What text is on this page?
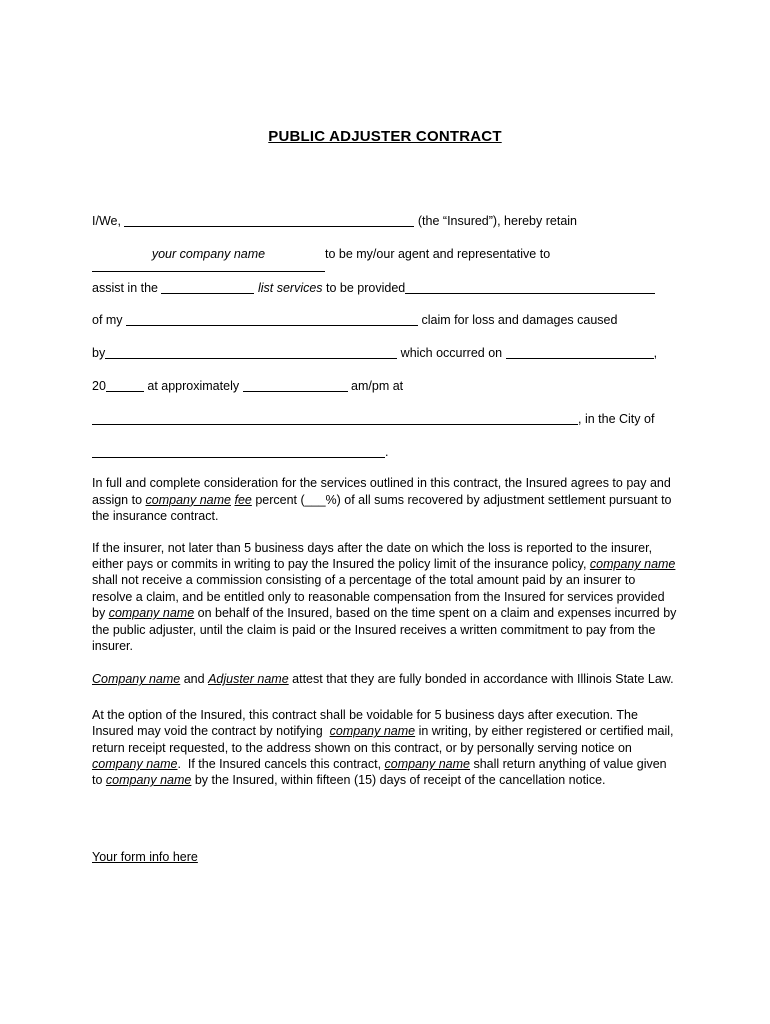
PUBLIC ADJUSTER CONTRACT
I/We,	(the “Insured”), hereby retain
your company name	to be my/our agent and representative to
assist in the	list services to be provided
of my	claim for loss and damages caused
by	which occurred on	,
20	at approximately	am/pm at
, in the City of
.

In full and complete consideration for the services outlined in this contract, the Insured agrees to pay and assign to company name fee percent (___%) of all sums recovered by adjustment settlement pursuant to the insurance contract.

If the insurer, not later than 5 business days after the date on which the loss is reported to the insurer, either pays or commits in writing to pay the Insured the policy limit of the insurance policy, company name shall not receive a commission consisting of a percentage of the total amount paid by an insurer to resolve a claim, and be entitled only to reasonable compensation from the Insured for services provided by company name on behalf of the Insured, based on the time spent on a claim and expenses incurred by the public adjuster, until the claim is paid or the Insured receives a written commitment to pay from the insurer.

Company name and Adjuster name attest that they are fully bonded in accordance with Illinois State Law.

At the option of the Insured, this contract shall be voidable for 5 business days after execution. The Insured may void the contract by notifying  company name in writing, by either registered or certified mail, return receipt requested, to the address shown on this contract, or by personally serving notice on company name.  If the Insured cancels this contract, company name shall return anything of value given to company name by the Insured, within fifteen (15) days of receipt of the cancellation notice.

Your form info here
